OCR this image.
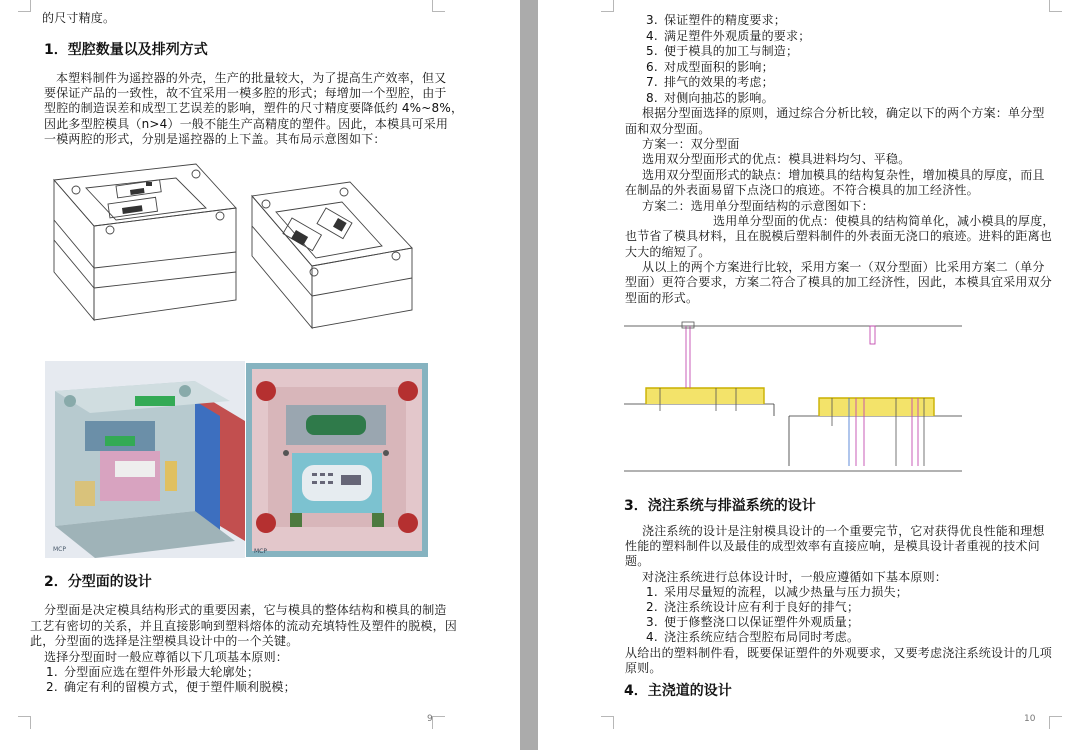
的尺寸精度。
1．型腔数量以及排列方式
本塑料制件为遥控器的外壳，生产的批量较大，为了提高生产效率，但又
要保证产品的一致性，故不宜采用一模多腔的形式；每增加一个型腔，由于
型腔的制造误差和成型工艺误差的影响，塑件的尺寸精度要降低约 4%~8%，
因此多型腔模具（n>4）一般不能生产高精度的塑件。因此，本模具可采用
一模两腔的形式，分别是遥控器的上下盖。其布局示意图如下：
MCP	MCP
2．分型面的设计
分型面是决定模具结构形式的重要因素，它与模具的整体结构和模具的制造
工艺有密切的关系，并且直接影响到塑料熔体的流动充填特性及塑件的脱模，因
此，分型面的选择是注塑模具设计中的一个关键。
选择分型面时一般应尊循以下几项基本原则：
1. 分型面应选在塑件外形最大轮廓处；
2. 确定有利的留模方式，便于塑件顺利脱模；
9
3. 保证塑件的精度要求；
4. 满足塑件外观质量的要求；
5. 便于模具的加工与制造；
6. 对成型面积的影响；
7. 排气的效果的考虑；
8. 对侧向抽芯的影响。
根据分型面选择的原则，通过综合分析比较，确定以下的两个方案：单分型
面和双分型面。
方案一：双分型面
选用双分型面形式的优点：模具进料均匀、平稳。
选用双分型面形式的缺点：增加模具的结构复杂性，增加模具的厚度，而且
在制品的外表面易留下点浇口的痕迹。不符合模具的加工经济性。
方案二：选用单分型面结构的示意图如下：
选用单分型面的优点：使模具的结构简单化，减小模具的厚度，
也节省了模具材料，且在脱模后塑料制件的外表面无浇口的痕迹。进料的距离也
大大的缩短了。
从以上的两个方案进行比较，采用方案一（双分型面）比采用方案二（单分
型面）更符合要求，方案二符合了模具的加工经济性，因此，本模具宜采用双分
型面的形式。
3．浇注系统与排溢系统的设计
浇注系统的设计是注射模具设计的一个重要完节，它对获得优良性能和理想
性能的塑料制件以及最佳的成型效率有直接应响，是模具设计者重视的技术问
题。
对浇注系统进行总体设计时，一般应遵循如下基本原则：
1. 采用尽量短的流程，以减少热量与压力损失；
2. 浇注系统设计应有利于良好的排气；
3. 便于修整浇口以保证塑件外观质量；
4. 浇注系统应结合型腔布局同时考虑。
从给出的塑料制件看，既要保证塑件的外观要求，又要考虑浇注系统设计的几项
原则。
4．主浇道的设计
10
